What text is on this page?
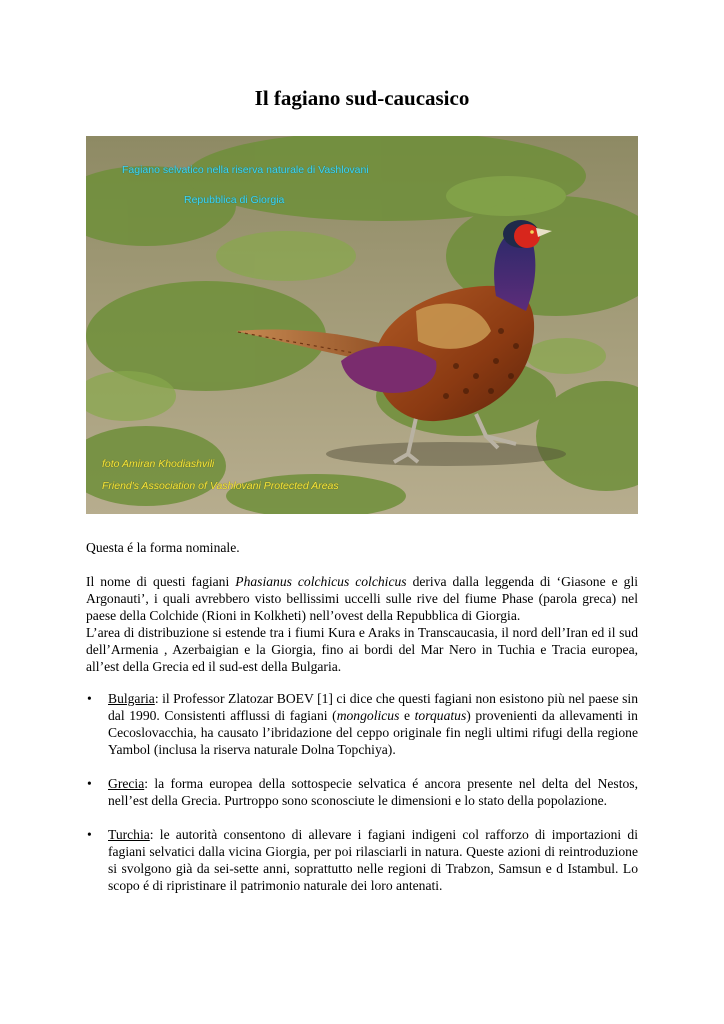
Il fagiano sud-caucasico
Fagiano selvatico nella riserva naturale di Vashlovani
Repubblica di Giorgia
foto Amiran Khodiashvili
Friend's Association of Vashlovani Protected Areas
Questa é la forma nominale.
Il nome di questi fagiani Phasianus colchicus colchicus deriva dalla leggenda di ‘Giasone e gli Argonauti’, i quali avrebbero visto bellissimi uccelli sulle rive del fiume Phase (parola greca) nel paese della Colchide (Rioni in Kolkheti) nell’ovest della Repubblica di Giorgia.
L’area di distribuzione si estende tra i fiumi Kura e Araks in Transcaucasia, il nord dell’Iran ed il sud dell’Armenia , Azerbaigian e la Giorgia, fino ai bordi del Mar Nero in Tuchia e Tracia europea, all’est della Grecia ed il sud-est della Bulgaria.
• Bulgaria: il Professor Zlatozar BOEV [1] ci dice che questi fagiani non esistono più nel paese sin dal 1990. Consistenti afflussi di fagiani (mongolicus e torquatus) provenienti da allevamenti in Cecoslovacchia, ha causato l’ibridazione del ceppo originale fin negli ultimi rifugi della regione Yambol (inclusa la riserva naturale Dolna Topchiya).
• Grecia: la forma europea della sottospecie selvatica é ancora presente nel delta del Nestos, nell’est della Grecia. Purtroppo sono sconosciute le dimensioni e lo stato della popolazione.
• Turchia: le autorità consentono di allevare i fagiani indigeni col rafforzo di importazioni di fagiani selvatici dalla vicina Giorgia, per poi rilasciarli in natura. Queste azioni di reintroduzione si svolgono già da sei-sette anni, soprattutto nelle regioni di Trabzon, Samsun e d Istambul. Lo scopo é di ripristinare il patrimonio naturale dei loro antenati.
